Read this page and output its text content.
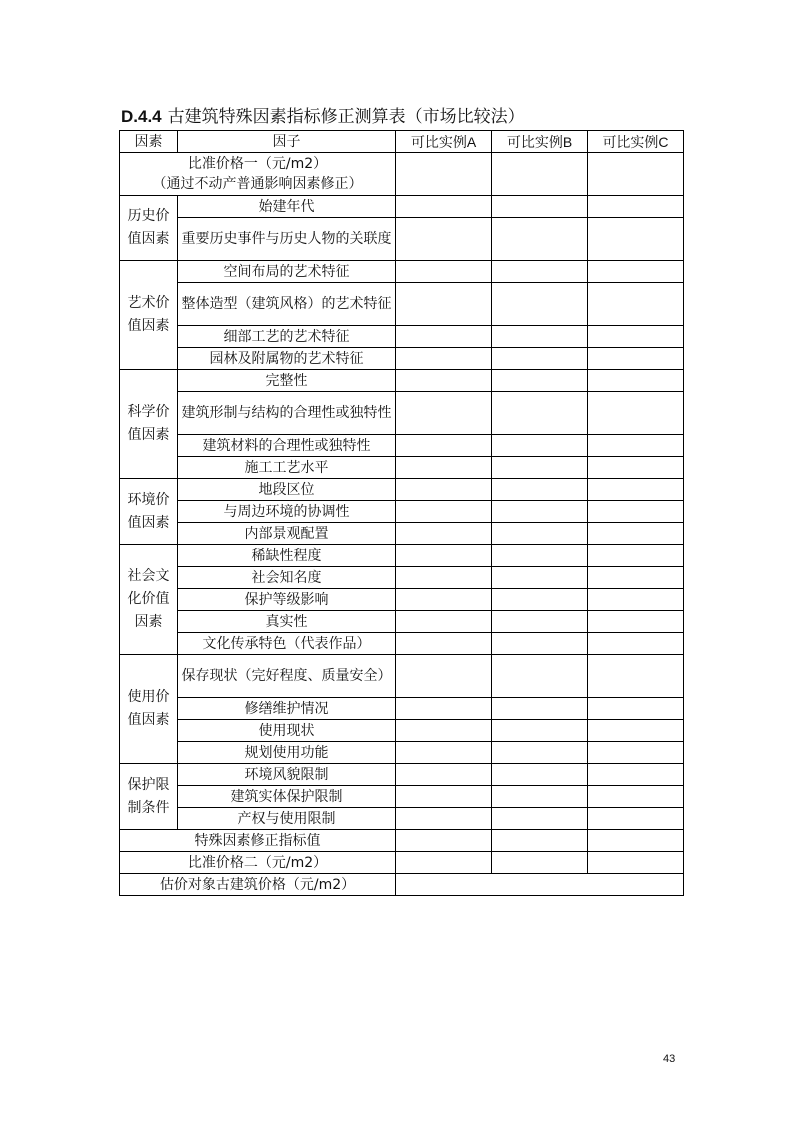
D.4.4 古建筑特殊因素指标修正测算表（市场比较法）
因素	因子	可比实例A	可比实例B	可比实例C

比准价格一（元/m2）
（通过不动产普通影响因素修正）				

历史价
值因素	始建年代			
	重要历史事件与历史人物的关联度			
艺术价
值因素	空间布局的艺术特征			
	整体造型（建筑风格）的艺术特征			
	细部工艺的艺术特征			
	园林及附属物的艺术特征			
科学价
值因素	完整性			
	建筑形制与结构的合理性或独特性			
	建筑材料的合理性或独特性			
	施工工艺水平			
环境价
值因素	地段区位			
	与周边环境的协调性			
	内部景观配置			
社会文
化价值
因素	稀缺性程度			
	社会知名度			
	保护等级影响			
	真实性			
	文化传承特色（代表作品）			
使用价
值因素	保存现状（完好程度、质量安全）			
	修缮维护情况			
	使用现状			
	规划使用功能			
保护限
制条件	环境风貌限制			
	建筑实体保护限制			
	产权与使用限制			
特殊因素修正指标值				
比准价格二（元/m2）				
估价对象古建筑价格（元/m2）				
43
